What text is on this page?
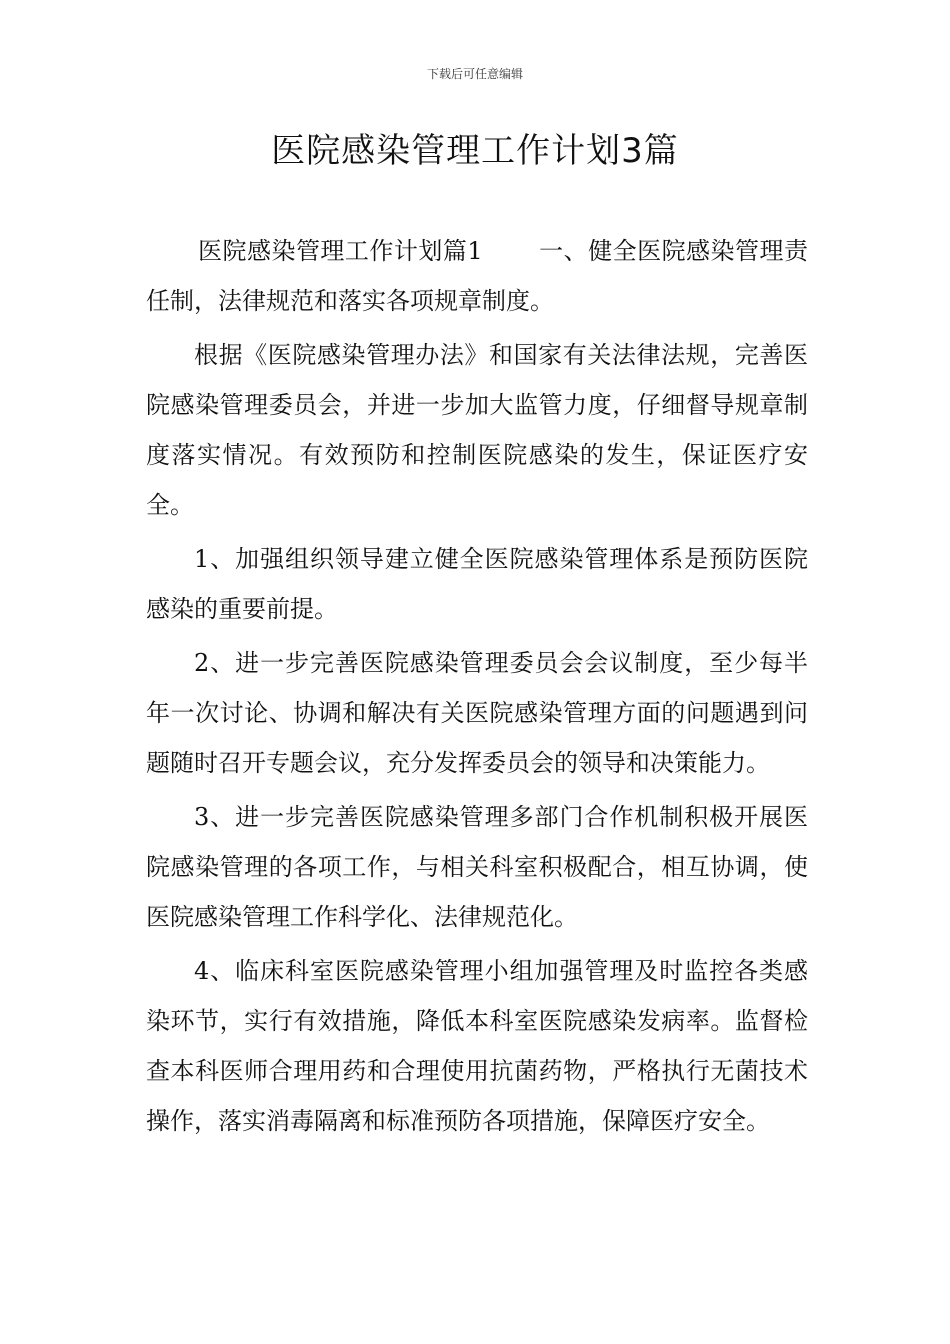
下载后可任意编辑
医院感染管理工作计划3篇

医院感染管理工作计划篇1 一、健全医院感染管理责任制，法律规范和落实各项规章制度。

根据《医院感染管理办法》和国家有关法律法规，完善医院感染管理委员会，并进一步加大监管力度，仔细督导规章制度落实情况。有效预防和控制医院感染的发生，保证医疗安全。

1、加强组织领导建立健全医院感染管理体系是预防医院感染的重要前提。

2、进一步完善医院感染管理委员会会议制度，至少每半年一次讨论、协调和解决有关医院感染管理方面的问题遇到问题随时召开专题会议，充分发挥委员会的领导和决策能力。

3、进一步完善医院感染管理多部门合作机制积极开展医院感染管理的各项工作，与相关科室积极配合，相互协调，使医院感染管理工作科学化、法律规范化。

4、临床科室医院感染管理小组加强管理及时监控各类感染环节，实行有效措施，降低本科室医院感染发病率。监督检查本科医师合理用药和合理使用抗菌药物，严格执行无菌技术操作，落实消毒隔离和标准预防各项措施，保障医疗安全。
